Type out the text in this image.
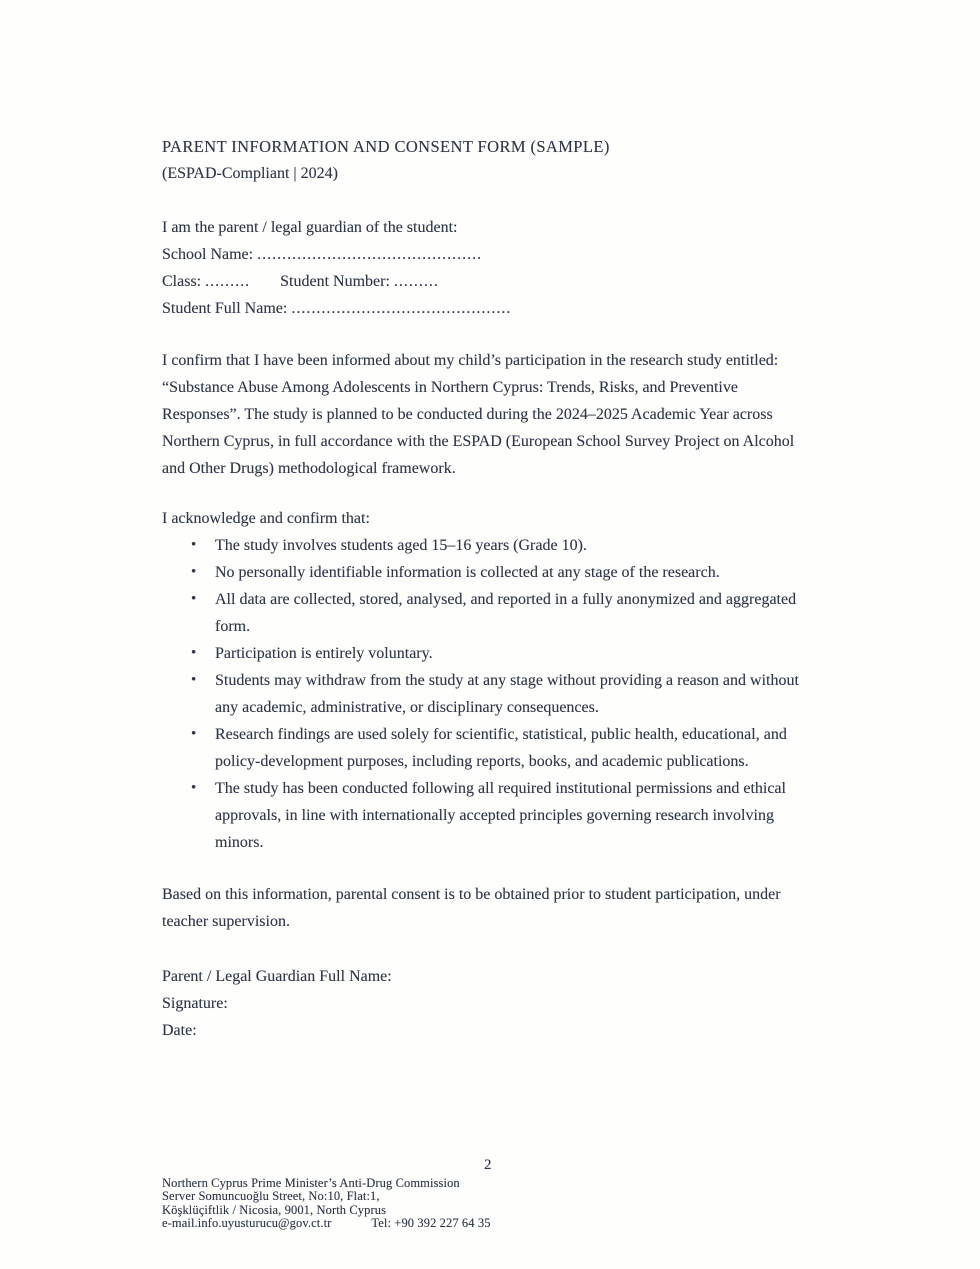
PARENT INFORMATION AND CONSENT FORM (SAMPLE)
(ESPAD-Compliant | 2024)
I am the parent / legal guardian of the student:
School Name: .............................................
Class: ......... Student Number: .........
Student Full Name: ............................................
I confirm that I have been informed about my child’s participation in the research study entitled: “Substance Abuse Among Adolescents in Northern Cyprus: Trends, Risks, and Preventive Responses”. The study is planned to be conducted during the 2024–2025 Academic Year across Northern Cyprus, in full accordance with the ESPAD (European School Survey Project on Alcohol and Other Drugs) methodological framework.
I acknowledge and confirm that:
• The study involves students aged 15–16 years (Grade 10).
• No personally identifiable information is collected at any stage of the research.
• All data are collected, stored, analysed, and reported in a fully anonymized and aggregated form.
• Participation is entirely voluntary.
• Students may withdraw from the study at any stage without providing a reason and without any academic, administrative, or disciplinary consequences.
• Research findings are used solely for scientific, statistical, public health, educational, and policy-development purposes, including reports, books, and academic publications.
• The study has been conducted following all required institutional permissions and ethical approvals, in line with internationally accepted principles governing research involving minors.
Based on this information, parental consent is to be obtained prior to student participation, under teacher supervision.
Parent / Legal Guardian Full Name:
Signature:
Date:
2
Northern Cyprus Prime Minister’s Anti-Drug Commission
Server Somuncuoğlu Street, No:10, Flat:1,
Köşklüçiftlik / Nicosia, 9001, North Cyprus
e-mail.info.uyusturucu@gov.ct.tr	Tel: +90 392 227 64 35
